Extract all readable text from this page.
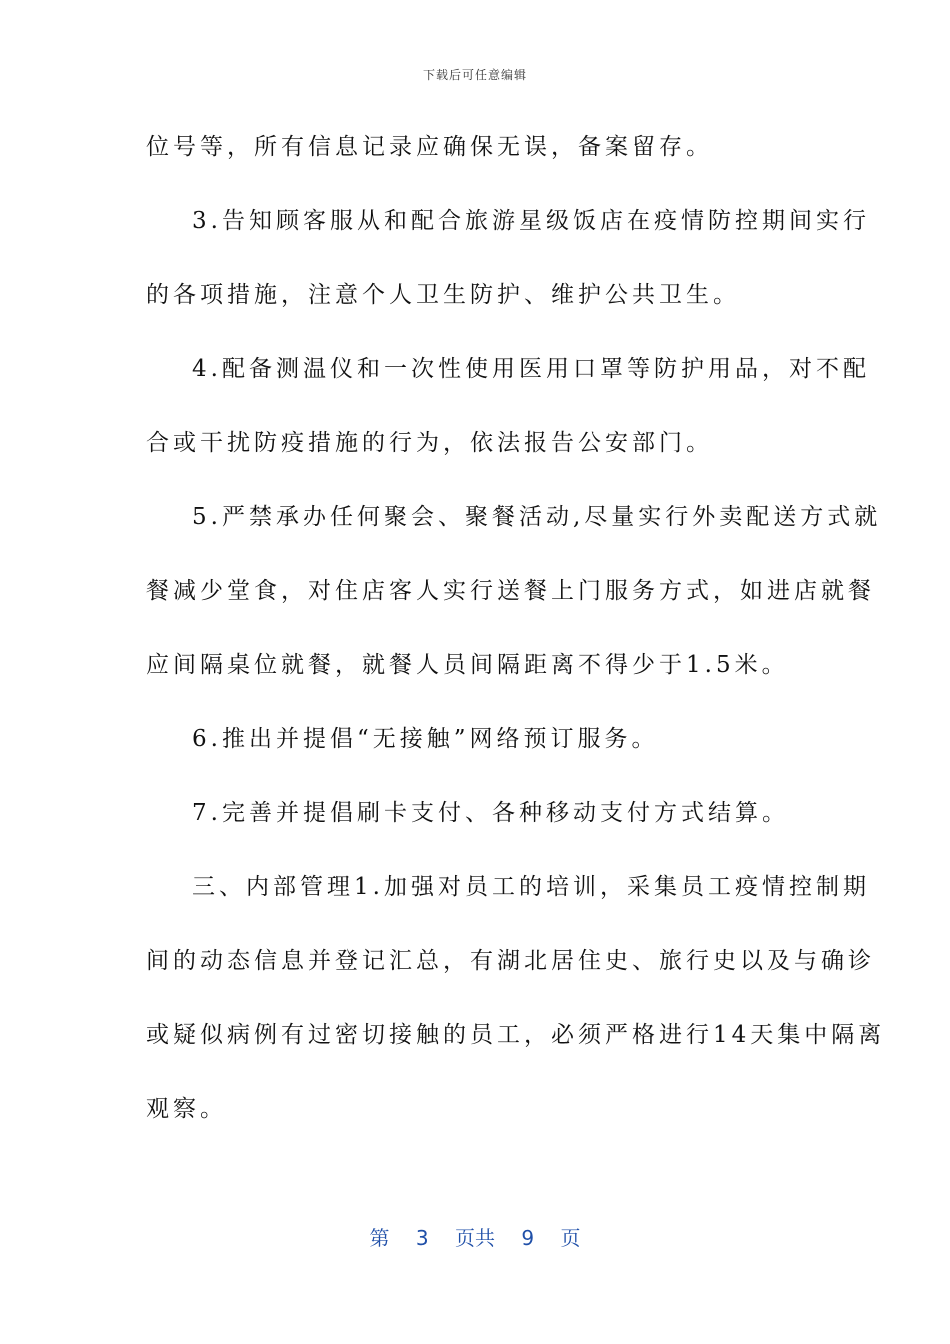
下载后可任意编辑
位号等，所有信息记录应确保无误，备案留存。
3.告知顾客服从和配合旅游星级饭店在疫情防控期间实行
的各项措施，注意个人卫生防护、维护公共卫生。
4.配备测温仪和一次性使用医用口罩等防护用品，对不配
合或干扰防疫措施的行为，依法报告公安部门。
5.严禁承办任何聚会、聚餐活动,尽量实行外卖配送方式就
餐减少堂食，对住店客人实行送餐上门服务方式，如进店就餐
应间隔桌位就餐，就餐人员间隔距离不得少于1.5米。
6.推出并提倡“无接触”网络预订服务。
7.完善并提倡刷卡支付、各种移动支付方式结算。
三、内部管理1.加强对员工的培训，采集员工疫情控制期
间的动态信息并登记汇总，有湖北居住史、旅行史以及与确诊
或疑似病例有过密切接触的员工，必须严格进行14天集中隔离
观察。
第 3 页共 9 页
